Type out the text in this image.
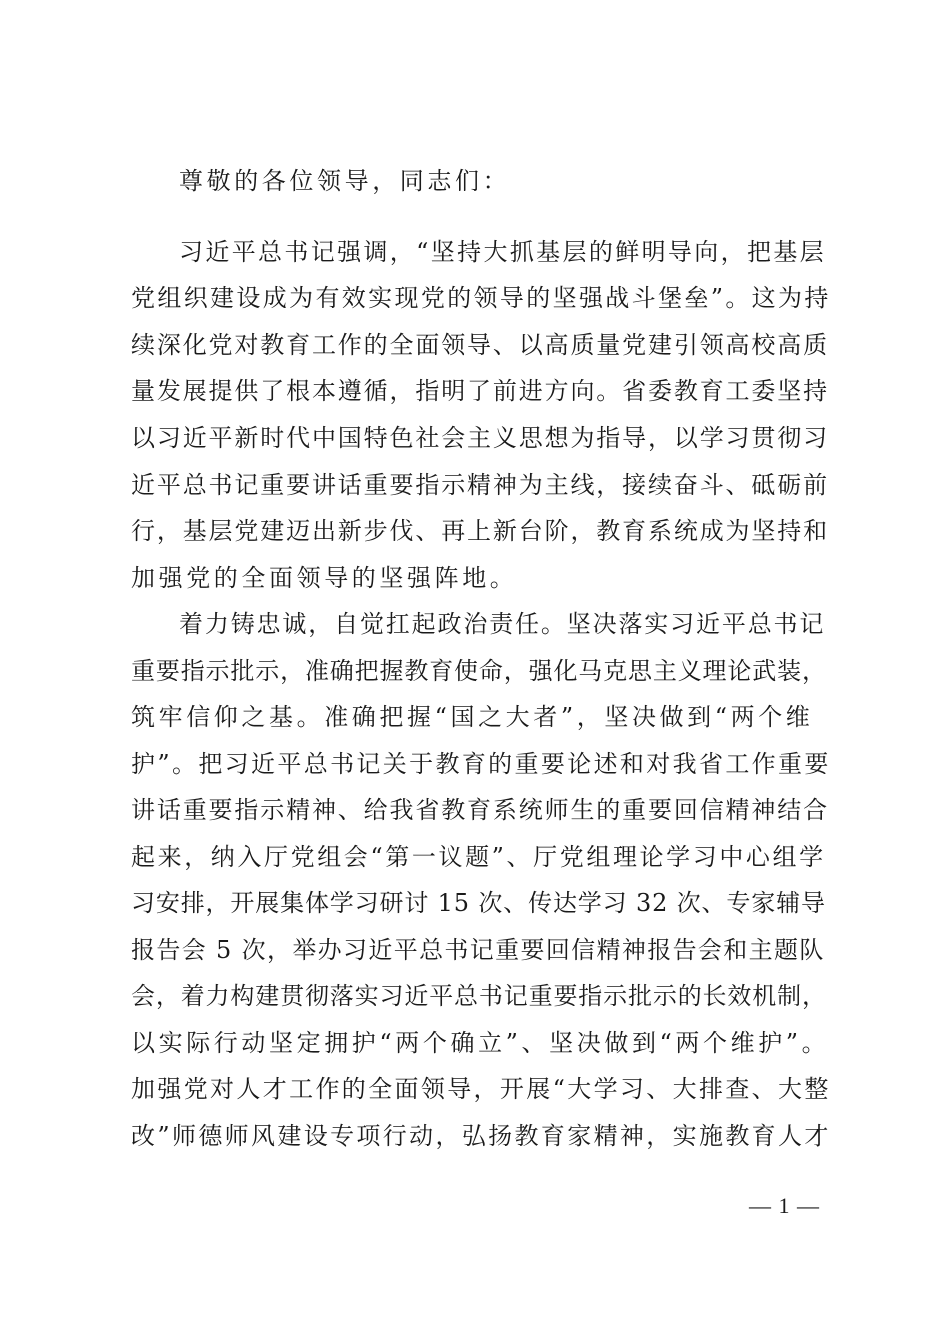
尊敬的各位领导，同志们：

习近平总书记强调，“坚持大抓基层的鲜明导向，把基层

党组织建设成为有效实现党的领导的坚强战斗堡垒”。这为持

续深化党对教育工作的全面领导、以高质量党建引领高校高质

量发展提供了根本遵循，指明了前进方向。省委教育工委坚持

以习近平新时代中国特色社会主义思想为指导，以学习贯彻习

近平总书记重要讲话重要指示精神为主线，接续奋斗、砥砺前

行，基层党建迈出新步伐、再上新台阶，教育系统成为坚持和

加强党的全面领导的坚强阵地。

着力铸忠诚，自觉扛起政治责任。坚决落实习近平总书记

重要指示批示，准确把握教育使命，强化马克思主义理论武装，

筑牢信仰之基。准确把握“国之大者”，坚决做到“两个维

护”。把习近平总书记关于教育的重要论述和对我省工作重要

讲话重要指示精神、给我省教育系统师生的重要回信精神结合

起来，纳入厅党组会“第一议题”、厅党组理论学习中心组学

习安排，开展集体学习研讨 15 次、传达学习 32 次、专家辅导

报告会 5 次，举办习近平总书记重要回信精神报告会和主题队

会，着力构建贯彻落实习近平总书记重要指示批示的长效机制，

以实际行动坚定拥护“两个确立”、坚决做到“两个维护”。

加强党对人才工作的全面领导，开展“大学习、大排查、大整

改”师德师风建设专项行动，弘扬教育家精神，实施教育人才

— 1 —
